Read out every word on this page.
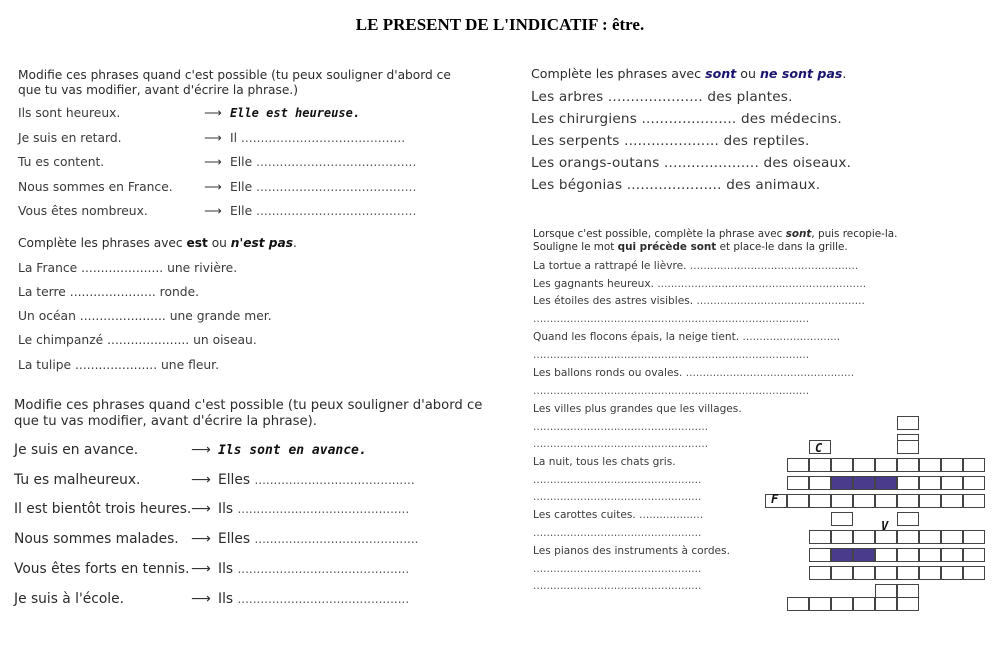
LE PRESENT DE L'INDICATIF : être.
Modifie ces phrases quand c'est possible (tu peux souligner d'abord ce
que tu vas modifier, avant d'écrire la phrase.)
Ils sont heureux.	⟶ Elle est heureuse.
Je suis en retard.	⟶ Il ..........................................
Tu es content.	⟶ Elle .........................................
Nous sommes en France.	⟶ Elle .........................................
Vous êtes nombreux.	⟶ Elle .........................................
Complète les phrases avec est ou n'est pas.
La France ..................... une rivière.
La terre ...................... ronde.
Un océan ...................... une grande mer.
Le chimpanzé ..................... un oiseau.
La tulipe ..................... une fleur.
Modifie ces phrases quand c'est possible (tu peux souligner d'abord ce
que tu vas modifier, avant d'écrire la phrase).
Je suis en avance.	⟶ Ils sont en avance.
Tu es malheureux.	⟶ Elles ..........................................
Il est bientôt trois heures. ⟶ Ils .............................................
Nous sommes malades. ⟶ Elles ...........................................
Vous êtes forts en tennis. ⟶ Ils .............................................
Je suis à l'école.	⟶ Ils .............................................
Complète les phrases avec sont ou ne sont pas.
Les arbres ..................... des plantes.
Les chirurgiens ..................... des médecins.
Les serpents ..................... des reptiles.
Les orangs-outans ..................... des oiseaux.
Les bégonias ..................... des animaux.
Lorsque c'est possible, complète la phrase avec sont, puis recopie-la.
Souligne le mot qui précède sont et place-le dans la grille.
La tortue a rattrapé le lièvre. ..................................................
Les gagnants heureux. ..............................................................
Les étoiles des astres visibles. ..................................................
..................................................................................
Quand les flocons épais, la neige tient. .............................
..................................................................................
Les ballons ronds ou ovales. ..................................................
..................................................................................
Les villes plus grandes que les villages.
....................................................
....................................................
La nuit, tous les chats gris.
..................................................
..................................................
Les carottes cuites. ...................
..................................................
Les pianos des instruments à cordes.
..................................................
..................................................
C
F
V
